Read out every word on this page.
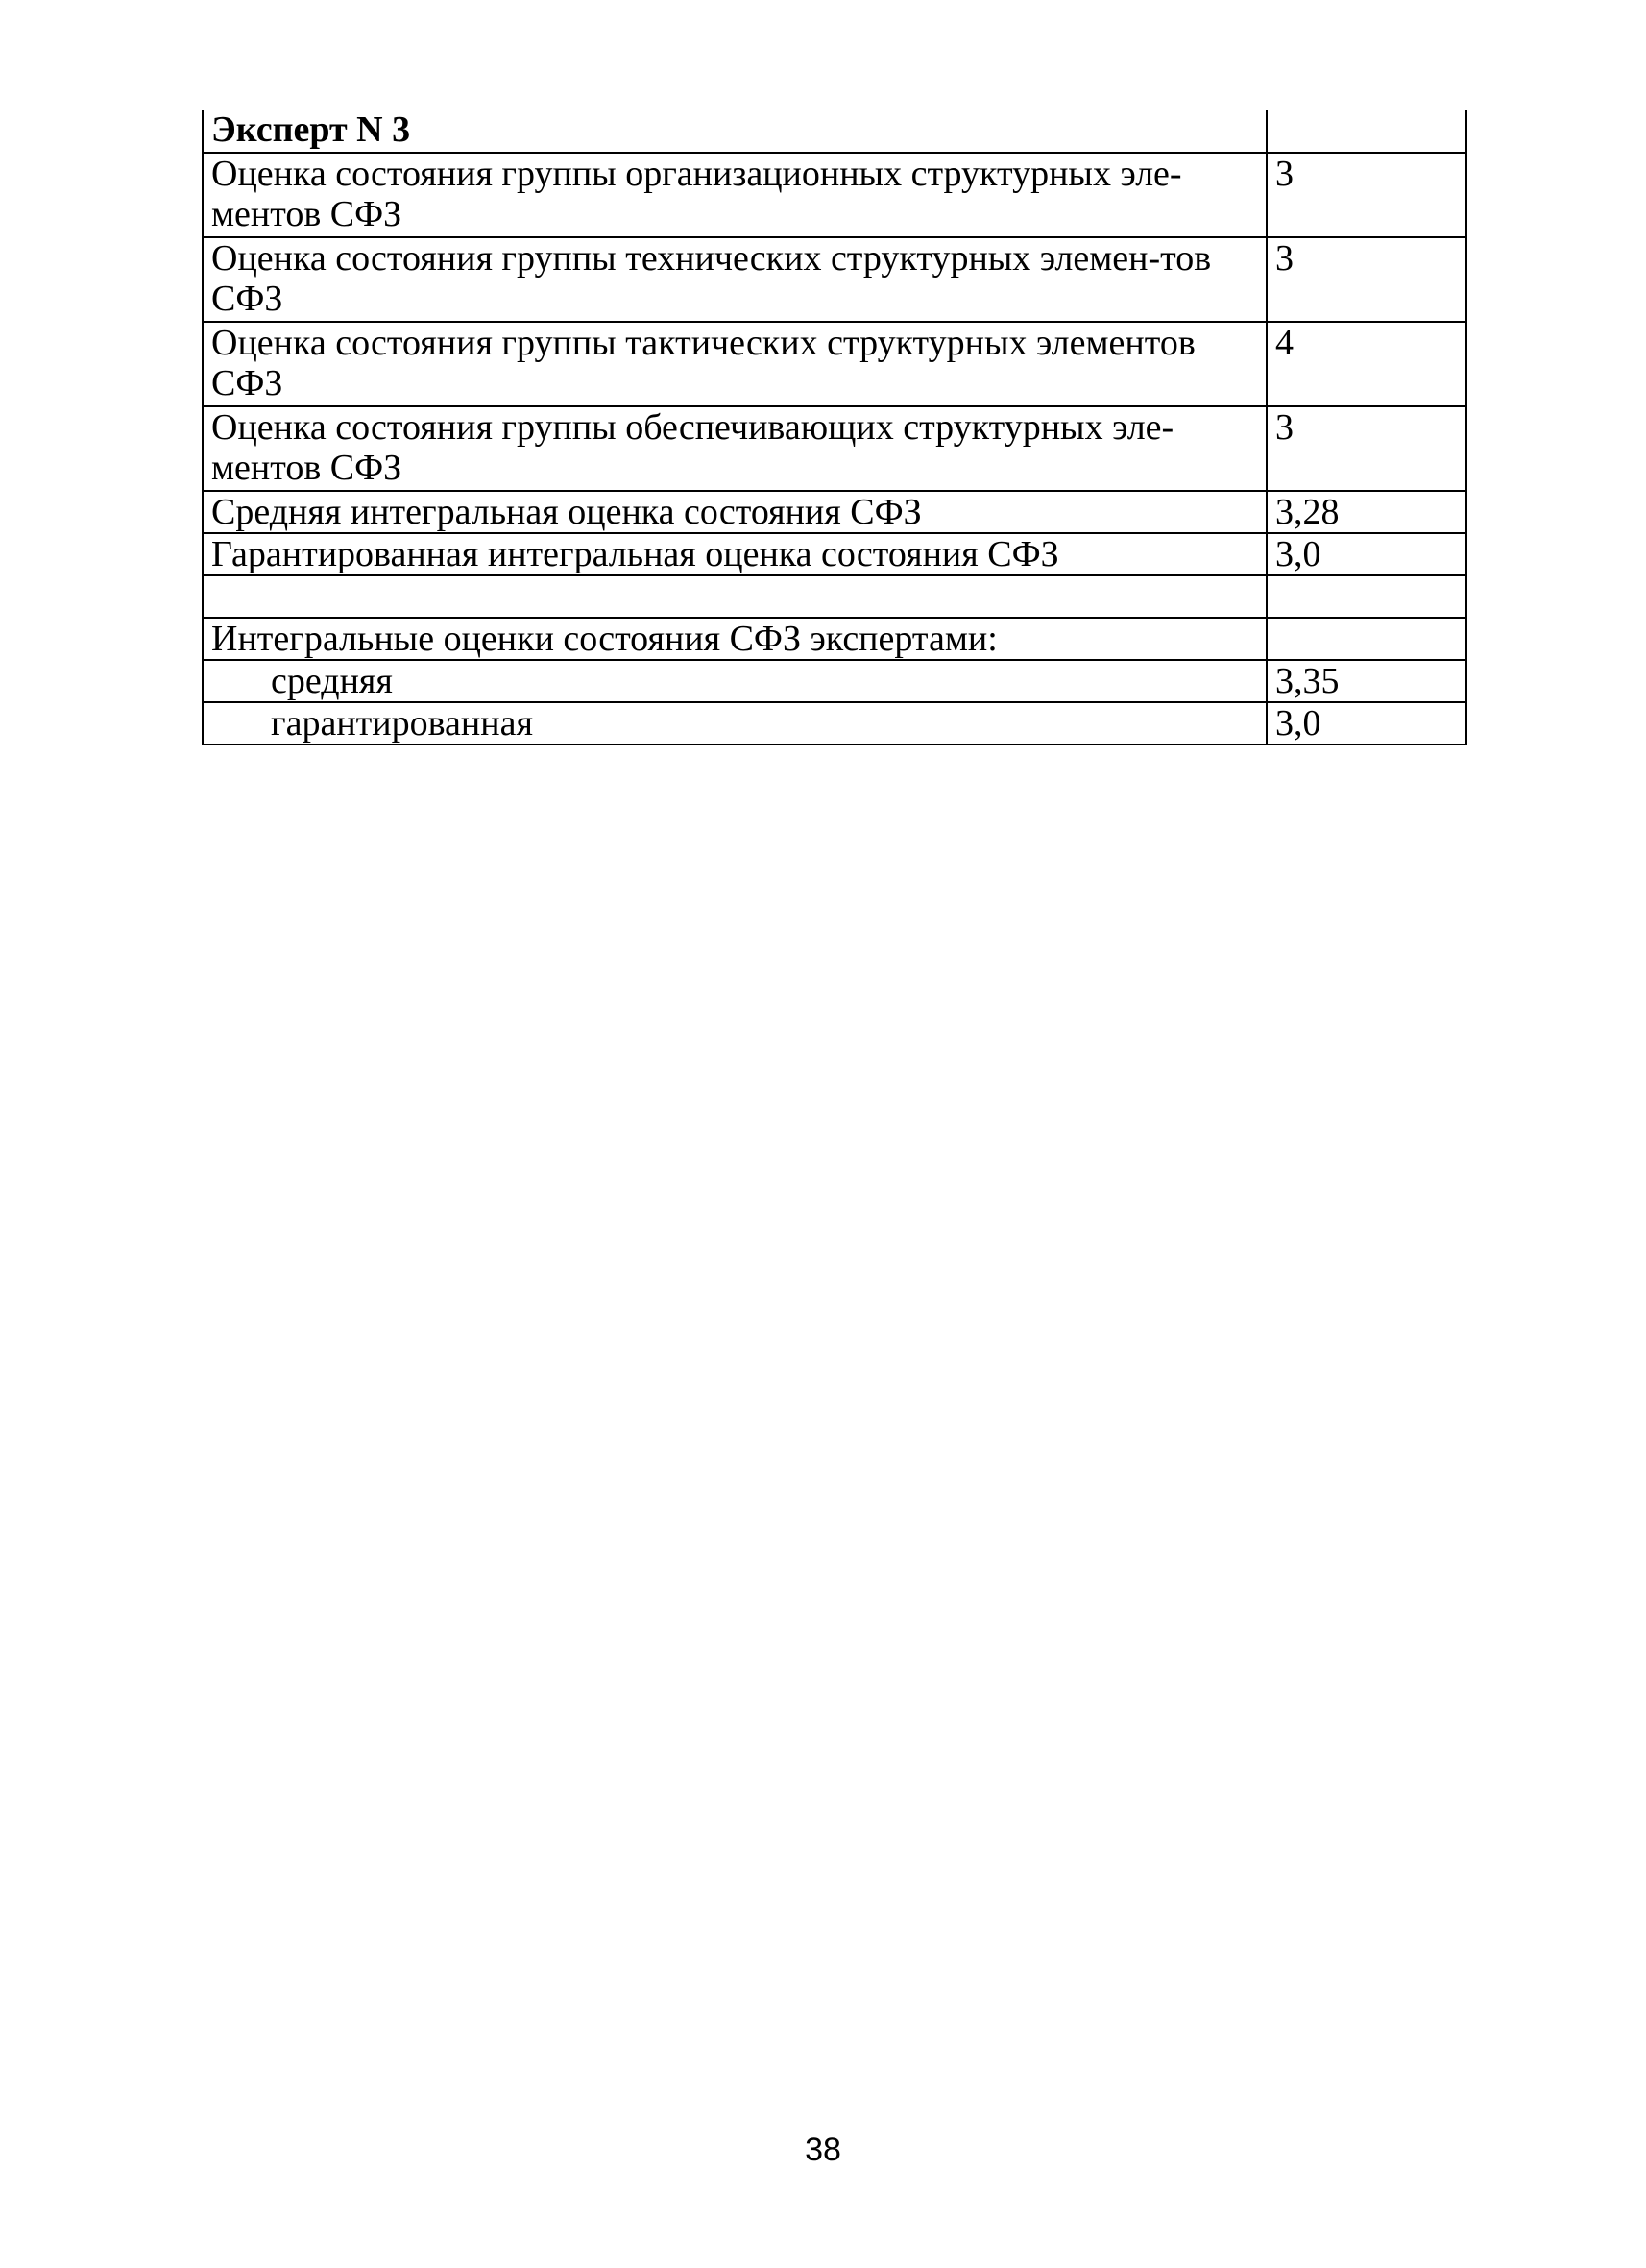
Эксперт N 3	
Оценка состояния группы организационных структурных эле-ментов СФЗ	3
Оценка состояния группы технических структурных элемен-тов СФЗ	3
Оценка состояния группы тактических структурных элементов СФЗ	4
Оценка состояния группы обеспечивающих структурных эле-ментов СФЗ	3
Средняя интегральная оценка состояния СФЗ	3,28
Гарантированная интегральная оценка состояния СФЗ	3,0

Интегральные оценки состояния СФЗ экспертами:	
средняя	3,35
гарантированная	3,0
38
